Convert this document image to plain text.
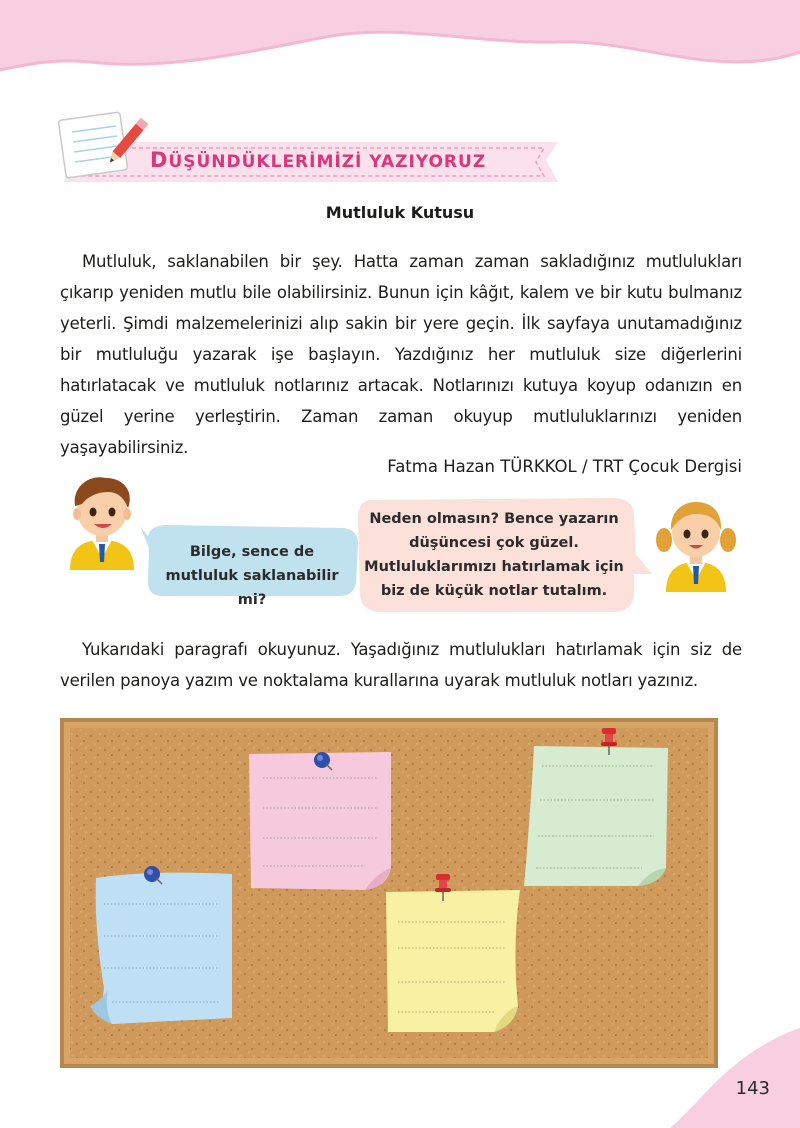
DÜŞÜNDÜKLERİMİZİ YAZIYORUZ
Mutluluk Kutusu

Mutluluk, saklanabilen bir şey. Hatta zaman zaman sakladığınız mutlulukları çıkarıp yeniden mutlu bile olabilirsiniz. Bunun için kâğıt, kalem ve bir kutu bulmanız yeterli. Şimdi malzemelerinizi alıp sakin bir yere geçin. İlk sayfaya unutamadığınız bir mutluluğu yazarak işe başlayın. Yazdığınız her mutluluk size diğerlerini hatırlatacak ve mutluluk notlarınız artacak. Notlarınızı kutuya koyup odanızın en güzel yerine yerleştirin. Zaman zaman okuyup mutluluklarınızı yeniden yaşayabilirsiniz.

Fatma Hazan TÜRKKOL / TRT Çocuk Dergisi

Bilge, sence de mutluluk saklanabilir mi?

Neden olmasın? Bence yazarın düşüncesi çok güzel. Mutluluklarımızı hatırlamak için biz de küçük notlar tutalım.

Yukarıdaki paragrafı okuyunuz. Yaşadığınız mutlulukları hatırlamak için siz de verilen panoya yazım ve noktalama kurallarına uyarak mutluluk notları yazınız.

143
